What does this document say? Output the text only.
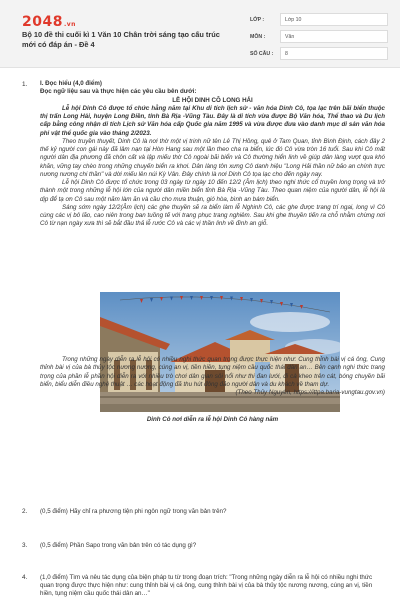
2048.vn
Bộ 10 đề thi cuối kì 1 Văn 10 Chân trời sáng tạo cấu trúc mới có đáp án - Đề 4
LỚP :	Lớp 10
MÔN :	Văn
SỐ CÂU :	8
1. I. Đọc hiểu (4,0 điểm)
Đọc ngữ liệu sau và thực hiện các yêu cầu bên dưới:
LỄ HỘI DINH CÔ LONG HẢI

Lễ hội Dinh Cô được tổ chức hằng năm tại Khu di tích lịch sử - văn hóa Dinh Cô, tọa lạc trên bãi biển thuộc thị trấn Long Hải, huyện Long Điền, tỉnh Bà Rịa -Vũng Tàu. Đây là di tích vừa được Bộ Văn hóa, Thể thao và Du lịch cấp bằng công nhận di tích Lịch sử Văn hóa cấp Quốc gia năm 1995 và vừa được đưa vào danh mục di sản văn hóa phi vật thể quốc gia vào tháng 2/2023.

Theo truyền thuyết, Dinh Cô là nơi thờ một vị trinh nữ tên Lê Thị Hồng, quê ở Tam Quan, tỉnh Bình Định, cách đây 2 thế kỷ người con gái này đã lâm nạn tại Hòn Hang sau một lần theo cha ra biển, lúc đó Cô vừa tròn 16 tuổi. Sau khi Cô mất người dân địa phương đã chôn cất và lập miếu thờ Cô ngoài bãi biển và Cô thường hiển linh về giúp dân làng vượt qua khó khăn, vững tay chèo trong những chuyến biển ra khơi. Dân làng tôn xưng Cô danh hiệu "Long Hải thần nữ bảo an chính trực nương nương chi thần" và dời miếu lên núi Kỳ Vân. Đây chính là nơi Dinh Cô tọa lạc cho đến ngày nay.

Lễ hội Dinh Cô được tổ chức trong 03 ngày từ ngày 10 đến 12/2 (Âm lịch) theo nghi thức cổ truyền long trọng và trở thành một trong những lễ hội lớn của người dân miền biển tỉnh Bà Rịa -Vũng Tàu. Theo quan niệm của người dân, lễ hội là dịp để tạ ơn Cô sau một năm làm ăn và cầu cho mưa thuận, gió hòa, bình an bám biển.

Sáng sớm ngày 12/2(Âm lịch) các ghe thuyền sẽ ra biển làm lễ Nghinh Cô, các ghe được trang trí ngai, long vì Cô cùng các vị bô lão, cao niên trong ban tuồng tế với trang phục trang nghiêm. Sau khi ghe thuyền tiến ra chỗ nhằm chừng nơi Cô từ nạn ngày xưa thì sẽ bắt đầu thả lễ rước Cô và các vị thần linh về đình an giỗ.

Dinh Cô nơi diễn ra lễ hội Dinh Cô hàng năm

Trong những ngày diễn ra lễ hội có nhiều nghi thức quan trọng được thực hiện như: Cung thỉnh bài vị cá ông, Cung thỉnh bài vị của bà thủy tộc nương nương, cúng an vị, tiền hiền, tụng niệm cầu quốc thái dân an… Bên cạnh nghi thức trang trọng của phần lễ phần hội diễn ra với nhiều trò chơi dân gian sôi nổi như thi đan lưới, đi cà kheo trên cát, bóng chuyền bãi biển, biểu diễn điều nghệ thuật … các hoạt động đã thu hút đông đảo người dân và du khách về tham dự.

(Theo Thủy Nguyên, https://ittpa.baria-vungtau.gov.vn)
2. (0,5 điểm) Hãy chỉ ra phương tiện phi ngôn ngữ trong văn bản trên?
3. (0,5 điểm) Phần Sapo trong văn bản trên có tác dụng gì?
4. (1,0 điểm) Tìm và nêu tác dụng của biện pháp tu từ trong đoạn trích: "Trong những ngày diễn ra lễ hội có nhiều nghi thức quan trọng được thực hiện như: cung thỉnh bài vị cá ông, cung thỉnh bài vị của bà thủy tộc nương nương, cúng an vị, tiền hiền, tụng niệm cầu quốc thái dân an…"
